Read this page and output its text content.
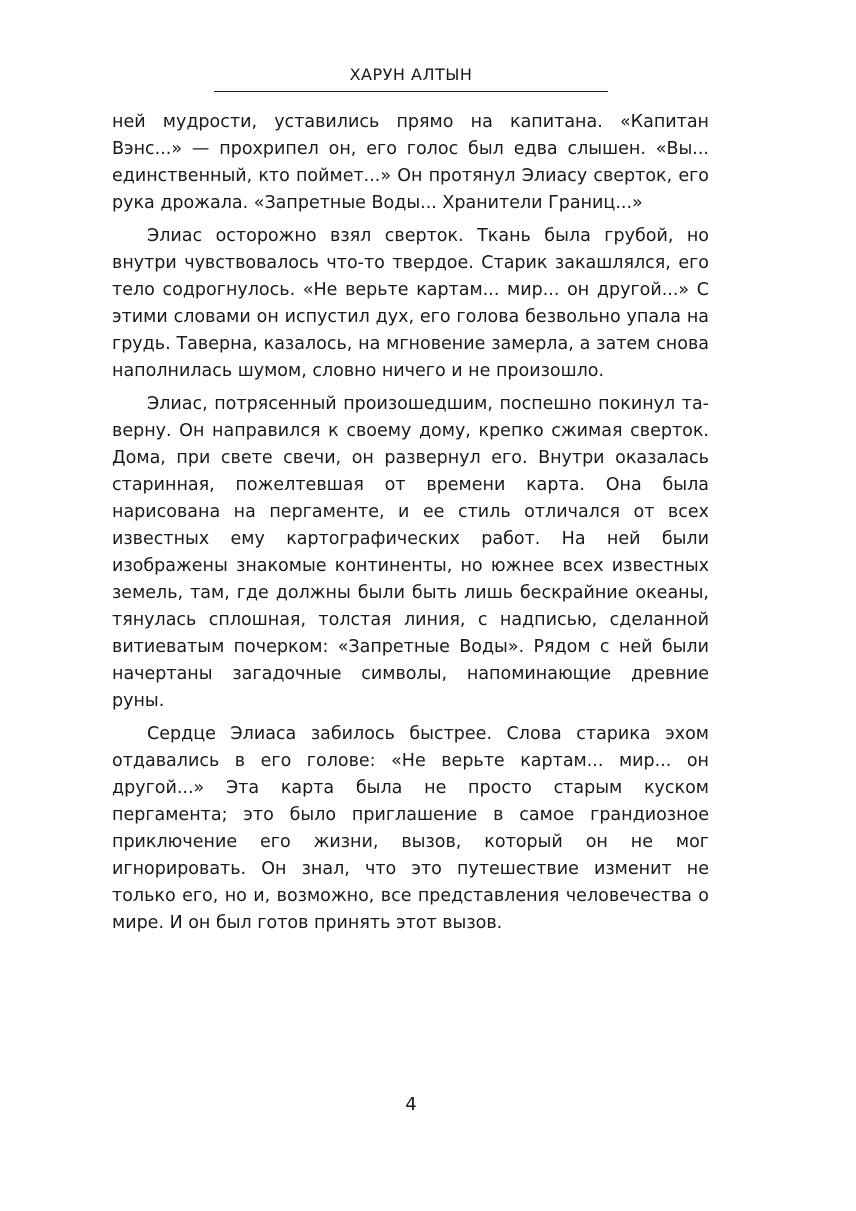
ХАРУН АЛТЫН

ней мудрости, уставились прямо на капитана. «Капитан Вэнс...» — прохрипел он, его голос был едва слышен. «Вы... единственный, кто поймет...» Он протянул Элиасу сверток, его рука дрожала. «Запретные Воды... Хранители Границ...»

Элиас осторожно взял сверток. Ткань была грубой, но внутри чувствовалось что-то твердое. Старик закашлялся, его тело содрогнулось. «Не верьте картам... мир... он другой...» С этими словами он испустил дух, его голова безвольно упала на грудь. Таверна, казалось, на мгновение замерла, а затем снова наполнилась шумом, словно ничего и не произошло.

Элиас, потрясенный произошедшим, поспешно покинул таверну. Он направился к своему дому, крепко сжимая сверток. Дома, при свете свечи, он развернул его. Внутри оказалась старинная, пожелтевшая от времени карта. Она была нарисована на пергаменте, и ее стиль отличался от всех известных ему картографических работ. На ней были изображены знакомые континенты, но южнее всех известных земель, там, где должны были быть лишь бескрайние океаны, тянулась сплошная, толстая линия, с надписью, сделанной витиеватым почерком: «Запретные Воды». Рядом с ней были начертаны загадочные символы, напоминающие древние руны.

Сердце Элиаса забилось быстрее. Слова старика эхом отдавались в его голове: «Не верьте картам... мир... он другой...» Эта карта была не просто старым куском пергамента; это было приглашение в самое грандиозное приключение его жизни, вызов, который он не мог игнорировать. Он знал, что это путешествие изменит не только его, но и, возможно, все представления человечества о мире. И он был готов принять этот вызов.

4
